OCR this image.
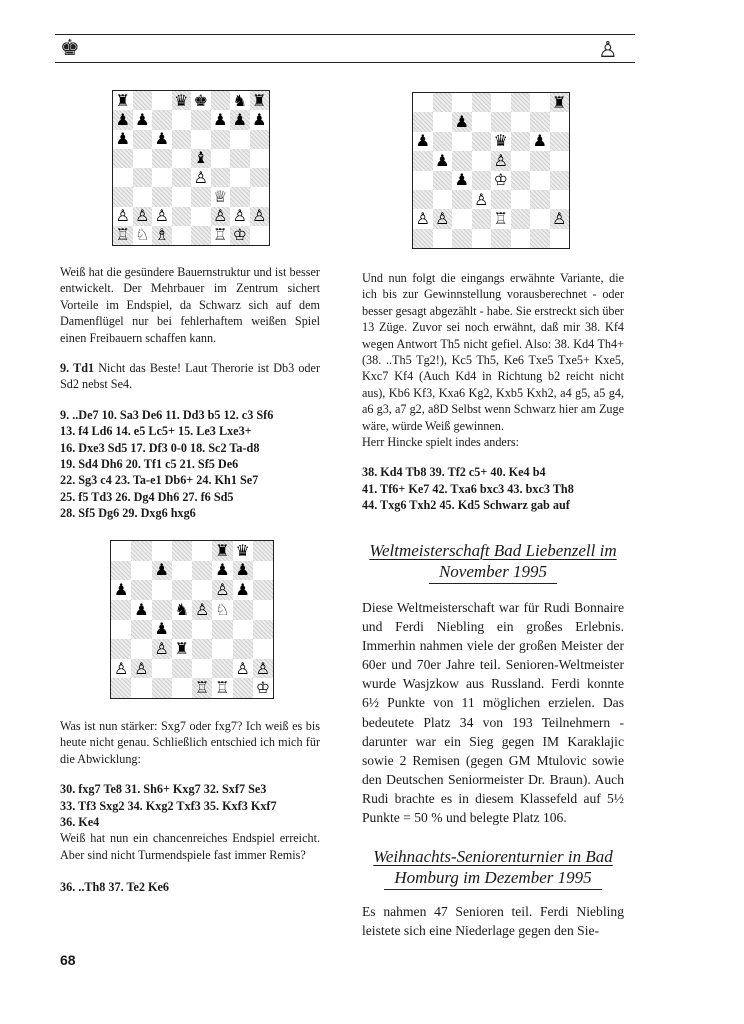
♚	♙
♜	♛ ♚ ♞ ♜
♟ ♟	♟ ♟ ♟
♟ ♟
♝
♙
♕
♙ ♙ ♙	♙ ♙ ♙
♖ ♘ ♗	♖ ♔
♜
♟
♟	♛ ♟
♟	♙
♟ ♔
♙
♙ ♙	♖	♙
♜ ♛
♟	♟ ♟
♟	♙ ♟
♟ ♞ ♙ ♘
♟
♙ ♜
♙ ♙	♙ ♙
♖ ♖ ♔

Weiß hat die gesündere Bauernstruktur und ist besser entwickelt. Der Mehrbauer im Zentrum sichert Vorteile im Endspiel, da Schwarz sich auf dem Damenflügel nur bei fehlerhaftem weißen Spiel einen Freibauern schaffen kann.

9. Td1 Nicht das Beste! Laut Therorie ist Db3 oder Sd2 nebst Se4.

9. ..De7 10. Sa3 De6 11. Dd3 b5 12. c3 Sf6
13. f4 Ld6 14. e5 Lc5+ 15. Le3 Lxe3+
16. Dxe3 Sd5 17. Df3 0-0 18. Sc2 Ta-d8
19. Sd4 Dh6 20. Tf1 c5 21. Sf5 De6
22. Sg3 c4 23. Ta-e1 Db6+ 24. Kh1 Se7
25. f5 Td3 26. Dg4 Dh6 27. f6 Sd5
28. Sf5 Dg6 29. Dxg6 hxg6

Was ist nun stärker: Sxg7 oder fxg7? Ich weiß es bis heute nicht genau. Schließlich entschied ich mich für die Abwicklung:

30. fxg7 Te8 31. Sh6+ Kxg7 32. Sxf7 Se3
33. Tf3 Sxg2 34. Kxg2 Txf3 35. Kxf3 Kxf7
36. Ke4

Weiß hat nun ein chancenreiches Endspiel erreicht. Aber sind nicht Turmendspiele fast immer Remis?

36. ..Th8 37. Te2 Ke6

Und nun folgt die eingangs erwähnte Variante, die ich bis zur Gewinnstellung vorausberechnet - oder besser gesagt abgezählt - habe. Sie erstreckt sich über 13 Züge. Zuvor sei noch erwähnt, daß mir 38. Kf4 wegen Antwort Th5 nicht gefiel. Also: 38. Kd4 Th4+ (38. ..Th5 Tg2!), Kc5 Th5, Ke6 Txe5 Txe5+ Kxe5, Kxc7 Kf4 (Auch Kd4 in Richtung b2 reicht nicht aus), Kb6 Kf3, Kxa6 Kg2, Kxb5 Kxh2, a4 g5, a5 g4, a6 g3, a7 g2, a8D Selbst wenn Schwarz hier am Zuge wäre, würde Weiß gewinnen.

Herr Hincke spielt indes anders:

38. Kd4 Tb8 39. Tf2 c5+ 40. Ke4 b4
41. Tf6+ Ke7 42. Txa6 bxc3 43. bxc3 Th8
44. Txg6 Txh2 45. Kd5 Schwarz gab auf
Weltmeisterschaft Bad Liebenzell im
November 1995

Diese Weltmeisterschaft war für Rudi Bonnaire und Ferdi Niebling ein großes Erlebnis. Immerhin nahmen viele der großen Meister der 60er und 70er Jahre teil. Senioren-Weltmeister wurde Wasjzkow aus Russland. Ferdi konnte 6½ Punkte von 11 möglichen erzielen. Das bedeutete Platz 34 von 193 Teilnehmern - darunter war ein Sieg gegen IM Karaklajic sowie 2 Remisen (gegen GM Mtulovic sowie den Deutschen Seniormeister Dr. Braun). Auch Rudi brachte es in diesem Klassefeld auf 5½ Punkte = 50 % und belegte Platz 106.

Weihnachts-Seniorenturnier in Bad
Homburg im Dezember 1995

Es nahmen 47 Senioren teil. Ferdi Niebling leistete sich eine Niederlage gegen den Sie-

68
